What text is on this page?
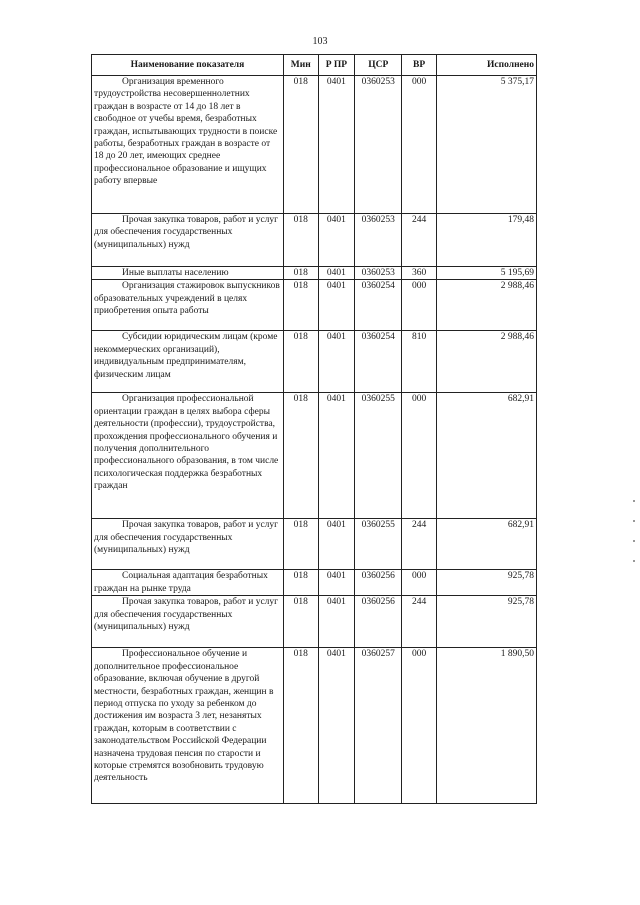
103
Наименование показателя	Мин	Р ПР	ЦСР	ВР	Исполнено
Организация временного трудоустройства несовершеннолетних граждан в возрасте от 14 до 18 лет в свободное от учебы время, безработных граждан, испытывающих трудности в поиске работы, безработных граждан в возрасте от 18 до 20 лет, имеющих среднее профессиональное образование и ищущих работу впервые	018	0401	0360253	000	5 375,17
Прочая закупка товаров, работ и услуг для обеспечения государственных (муниципальных) нужд	018	0401	0360253	244	179,48
Иные выплаты населению	018	0401	0360253	360	5 195,69
Организация стажировок выпускников образовательных учреждений в целях приобретения опыта работы	018	0401	0360254	000	2 988,46
Субсидии юридическим лицам (кроме некоммерческих организаций), индивидуальным предпринимателям, физическим лицам	018	0401	0360254	810	2 988,46
Организация профессиональной ориентации граждан в целях выбора сферы деятельности (профессии), трудоустройства, прохождения профессионального обучения и получения дополнительного профессионального образования, в том числе психологическая поддержка безработных граждан	018	0401	0360255	000	682,91
Прочая закупка товаров, работ и услуг для обеспечения государственных (муниципальных) нужд	018	0401	0360255	244	682,91
Социальная адаптация безработных граждан на рынке труда	018	0401	0360256	000	925,78
Прочая закупка товаров, работ и услуг для обеспечения государственных (муниципальных) нужд	018	0401	0360256	244	925,78
Профессиональное обучение и дополнительное профессиональное образование, включая обучение в другой местности, безработных граждан, женщин в период отпуска по уходу за ребенком до достижения им возраста 3 лет, незанятых граждан, которым в соответствии с законодательством Российской Федерации назначена трудовая пенсия по старости и которые стремятся возобновить трудовую деятельность	018	0401	0360257	000	1 890,50
